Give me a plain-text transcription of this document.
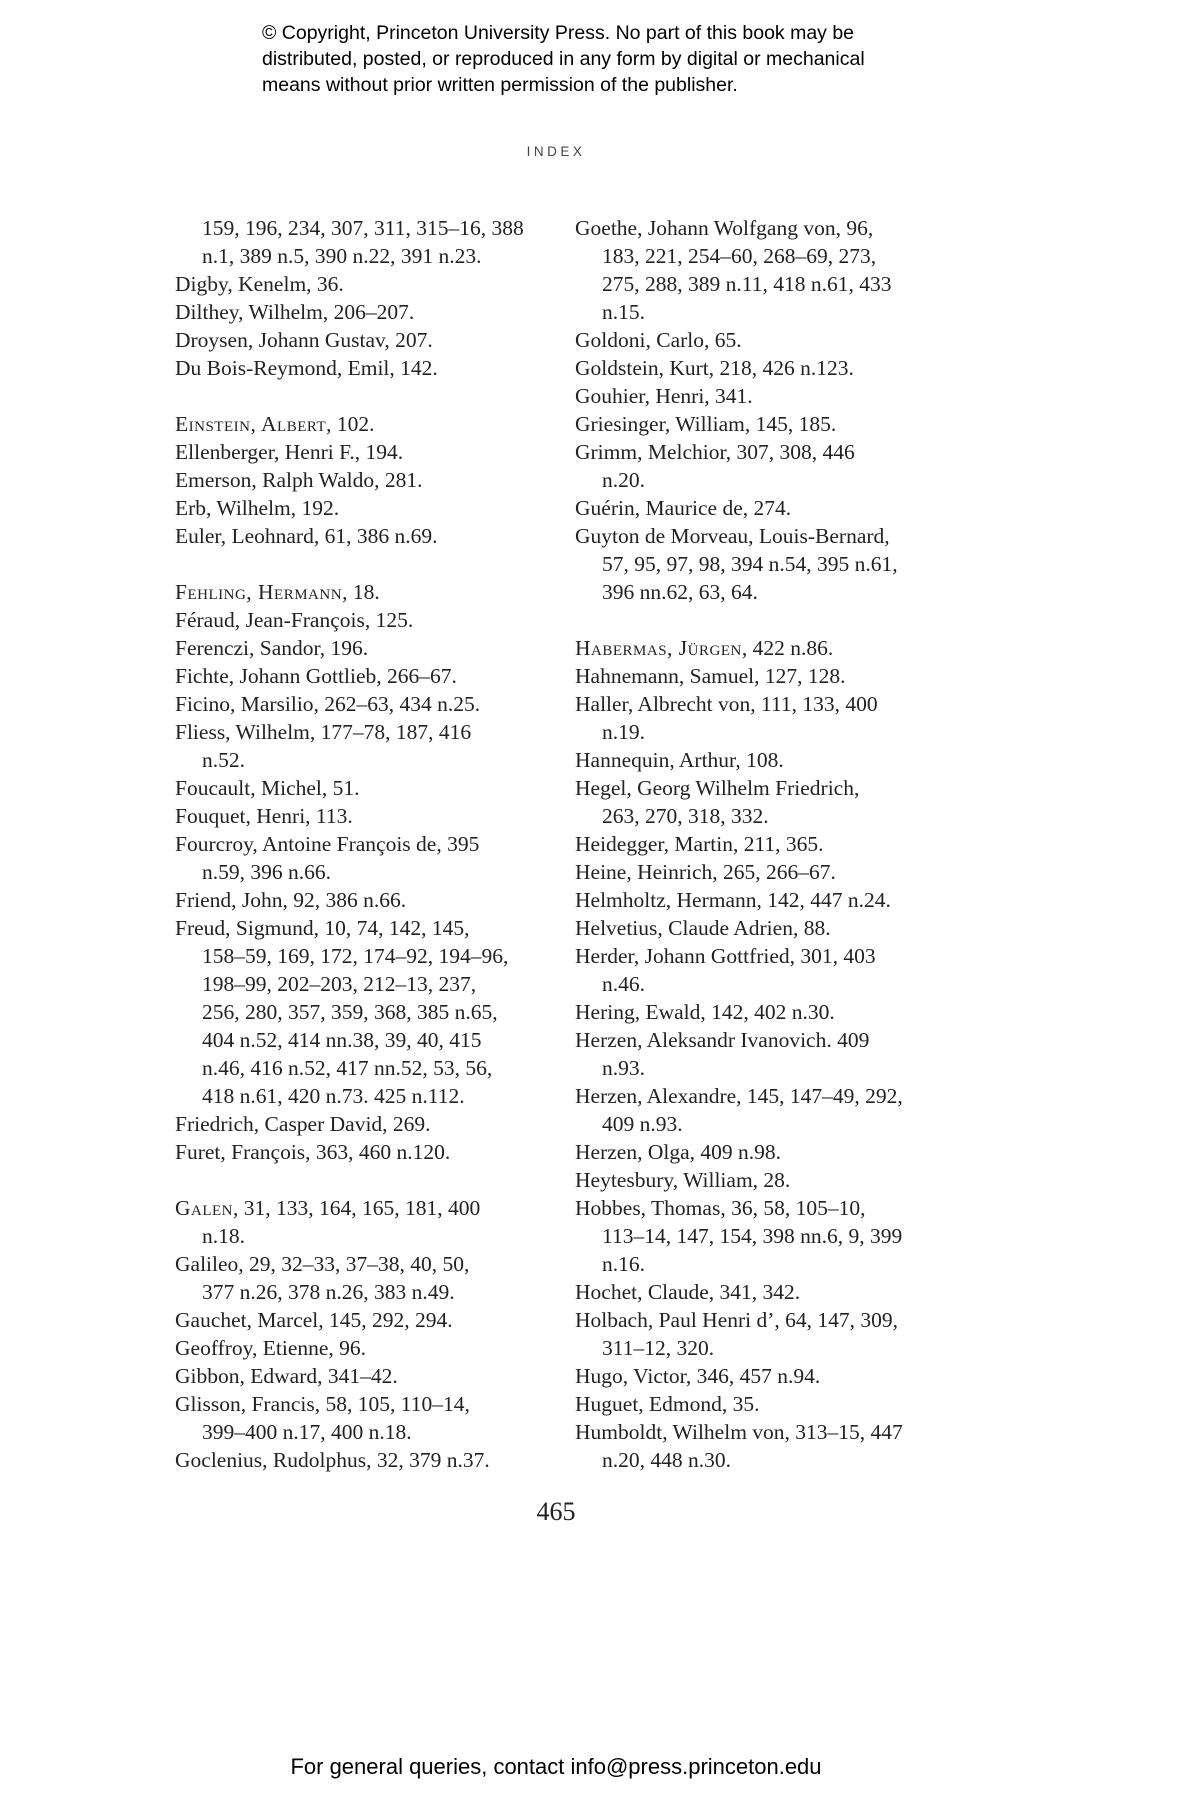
© Copyright, Princeton University Press. No part of this book may be
distributed, posted, or reproduced in any form by digital or mechanical
means without prior written permission of the publisher.
INDEX
159, 196, 234, 307, 311, 315–16, 388
n.1, 389 n.5, 390 n.22, 391 n.23.
Digby, Kenelm, 36.
Dilthey, Wilhelm, 206–207.
Droysen, Johann Gustav, 207.
Du Bois-Reymond, Emil, 142.
Einstein, Albert, 102.
Ellenberger, Henri F., 194.
Emerson, Ralph Waldo, 281.
Erb, Wilhelm, 192.
Euler, Leohnard, 61, 386 n.69.
Fehling, Hermann, 18.
Féraud, Jean-François, 125.
Ferenczi, Sandor, 196.
Fichte, Johann Gottlieb, 266–67.
Ficino, Marsilio, 262–63, 434 n.25.
Fliess, Wilhelm, 177–78, 187, 416
n.52.
Foucault, Michel, 51.
Fouquet, Henri, 113.
Fourcroy, Antoine François de, 395
n.59, 396 n.66.
Friend, John, 92, 386 n.66.
Freud, Sigmund, 10, 74, 142, 145,
158–59, 169, 172, 174–92, 194–96,
198–99, 202–203, 212–13, 237,
256, 280, 357, 359, 368, 385 n.65,
404 n.52, 414 nn.38, 39, 40, 415
n.46, 416 n.52, 417 nn.52, 53, 56,
418 n.61, 420 n.73. 425 n.112.
Friedrich, Casper David, 269.
Furet, François, 363, 460 n.120.
Galen, 31, 133, 164, 165, 181, 400
n.18.
Galileo, 29, 32–33, 37–38, 40, 50,
377 n.26, 378 n.26, 383 n.49.
Gauchet, Marcel, 145, 292, 294.
Geoffroy, Etienne, 96.
Gibbon, Edward, 341–42.
Glisson, Francis, 58, 105, 110–14,
399–400 n.17, 400 n.18.
Goclenius, Rudolphus, 32, 379 n.37.
Goethe, Johann Wolfgang von, 96,
183, 221, 254–60, 268–69, 273,
275, 288, 389 n.11, 418 n.61, 433
n.15.
Goldoni, Carlo, 65.
Goldstein, Kurt, 218, 426 n.123.
Gouhier, Henri, 341.
Griesinger, William, 145, 185.
Grimm, Melchior, 307, 308, 446
n.20.
Guérin, Maurice de, 274.
Guyton de Morveau, Louis-Bernard,
57, 95, 97, 98, 394 n.54, 395 n.61,
396 nn.62, 63, 64.
Habermas, Jürgen, 422 n.86.
Hahnemann, Samuel, 127, 128.
Haller, Albrecht von, 111, 133, 400
n.19.
Hannequin, Arthur, 108.
Hegel, Georg Wilhelm Friedrich,
263, 270, 318, 332.
Heidegger, Martin, 211, 365.
Heine, Heinrich, 265, 266–67.
Helmholtz, Hermann, 142, 447 n.24.
Helvetius, Claude Adrien, 88.
Herder, Johann Gottfried, 301, 403
n.46.
Hering, Ewald, 142, 402 n.30.
Herzen, Aleksandr Ivanovich. 409
n.93.
Herzen, Alexandre, 145, 147–49, 292,
409 n.93.
Herzen, Olga, 409 n.98.
Heytesbury, William, 28.
Hobbes, Thomas, 36, 58, 105–10,
113–14, 147, 154, 398 nn.6, 9, 399
n.16.
Hochet, Claude, 341, 342.
Holbach, Paul Henri d’, 64, 147, 309,
311–12, 320.
Hugo, Victor, 346, 457 n.94.
Huguet, Edmond, 35.
Humboldt, Wilhelm von, 313–15, 447
n.20, 448 n.30.
465
For general queries, contact info@press.princeton.edu
